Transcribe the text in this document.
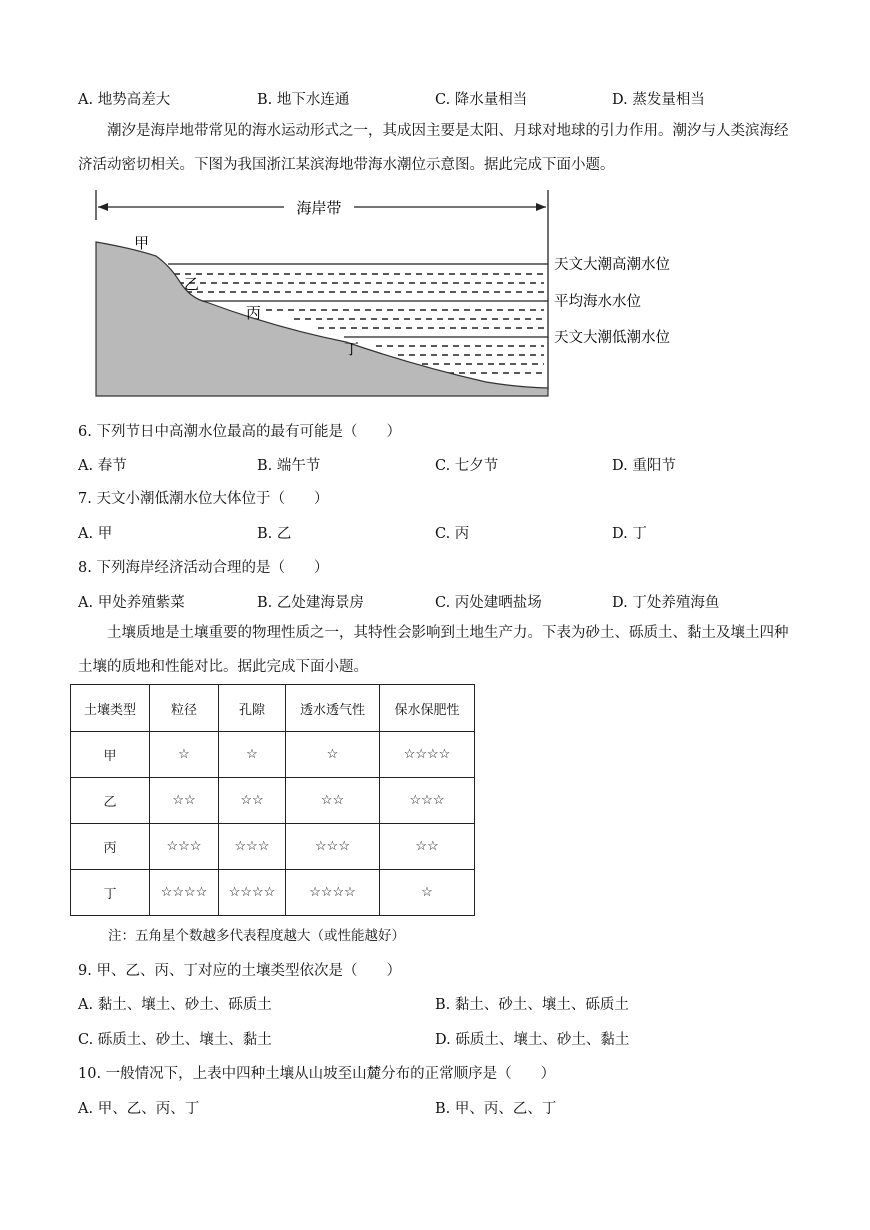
A. 地势高差大	B. 地下水连通	C. 降水量相当	D. 蒸发量相当
潮汐是海岸地带常见的海水运动形式之一，其成因主要是太阳、月球对地球的引力作用。潮汐与人类滨海经济活动密切相关。下图为我国浙江某滨海地带海水潮位示意图。据此完成下面小题。
海岸带
甲
乙
丙
丁
天文大潮高潮水位
平均海水水位
天文大潮低潮水位
6. 下列节日中高潮水位最高的最有可能是（　　）
A. 春节	B. 端午节	C. 七夕节	D. 重阳节
7. 天文小潮低潮水位大体位于（　　）
A. 甲	B. 乙	C. 丙	D. 丁
8. 下列海岸经济活动合理的是（　　）
A. 甲处养殖紫菜	B. 乙处建海景房	C. 丙处建晒盐场	D. 丁处养殖海鱼
土壤质地是土壤重要的物理性质之一，其特性会影响到土地生产力。下表为砂土、砾质土、黏土及壤土四种土壤的质地和性能对比。据此完成下面小题。
土壤类型	粒径	孔隙	透水透气性	保水保肥性
甲	☆	☆	☆	☆☆☆☆
乙	☆☆	☆☆	☆☆	☆☆☆
丙	☆☆☆	☆☆☆	☆☆☆	☆☆
丁	☆☆☆☆	☆☆☆☆	☆☆☆☆	☆
注：五角星个数越多代表程度越大（或性能越好）
9. 甲、乙、丙、丁对应的土壤类型依次是（　　）
A. 黏土、壤土、砂土、砾质土	B. 黏土、砂土、壤土、砾质土
C. 砾质土、砂土、壤土、黏土	D. 砾质土、壤土、砂土、黏土
10. 一般情况下，上表中四种土壤从山坡至山麓分布的正常顺序是（　　）
A. 甲、乙、丙、丁	B. 甲、丙、乙、丁
